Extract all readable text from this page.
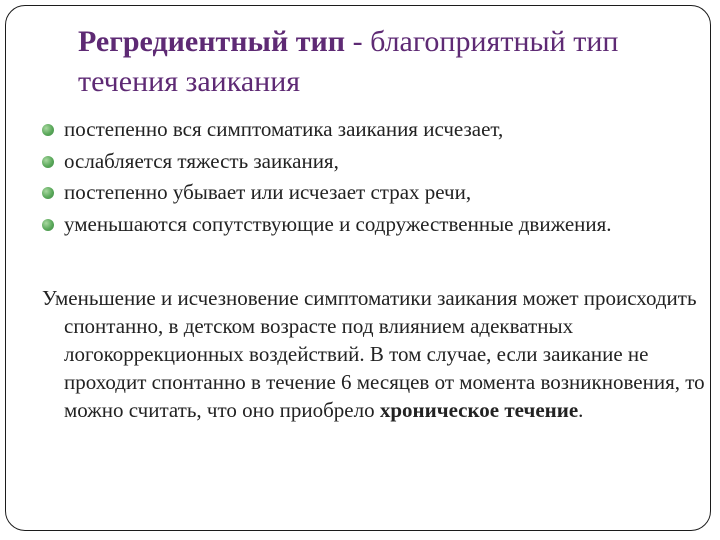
Регредиентный тип - благоприятный тип течения заикания
постепенно вся симптоматика заикания исчезает,
ослабляется тяжесть заикания,
постепенно убывает или исчезает страх речи,
уменьшаются сопутствующие и содружественные движения.

Уменьшение и исчезновение симптоматики заикания может происходить спонтанно, в детском возрасте под влиянием адекватных логокоррекционных воздействий. В том случае, если заикание не проходит спонтанно в течение 6 месяцев от момента возникновения, то можно считать, что оно приобрело хроническое течение.
